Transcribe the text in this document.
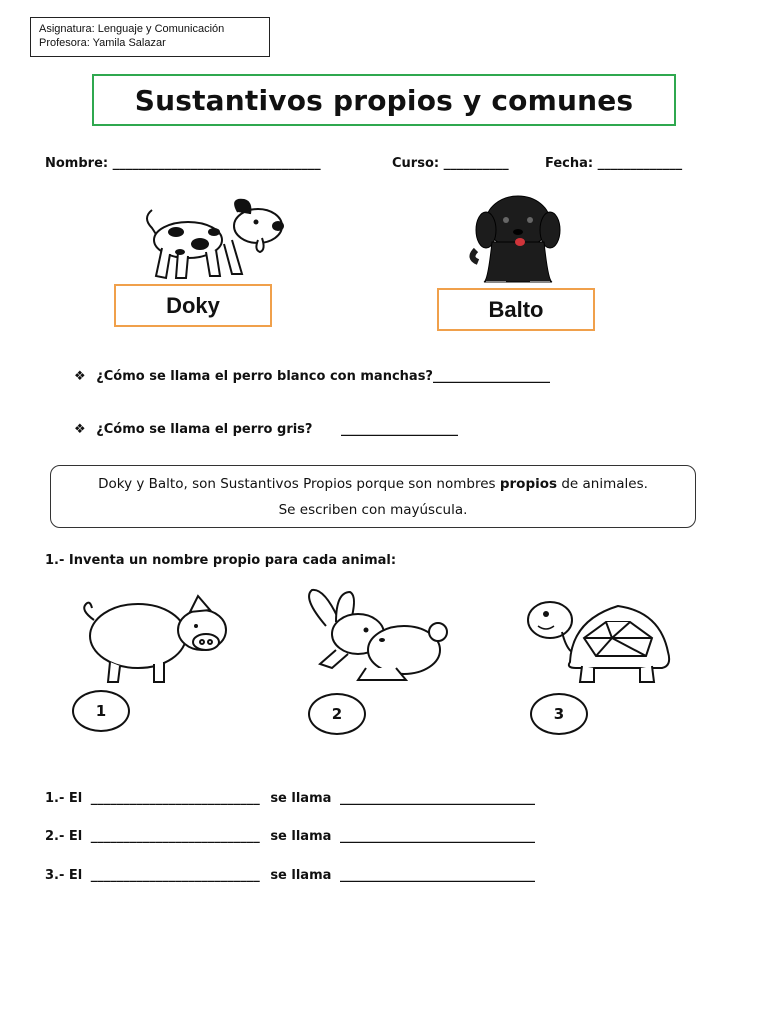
Asignatura: Lenguaje y Comunicación
Profesora: Yamila Salazar
Sustantivos propios y comunes
Nombre: ________________________________	Curso: __________	Fecha: _____________
Doky	Balto
❖ ¿Cómo se llama el perro blanco con manchas?__________________
❖ ¿Cómo se llama el perro gris? __________________
Doky y Balto, son Sustantivos Propios porque son nombres propios de animales.
Se escriben con mayúscula.
1.- Inventa un nombre propio para cada animal:
1	2	3
1.- El __________________________ se llama ______________________________
2.- El __________________________ se llama ______________________________
3.- El __________________________ se llama ______________________________
